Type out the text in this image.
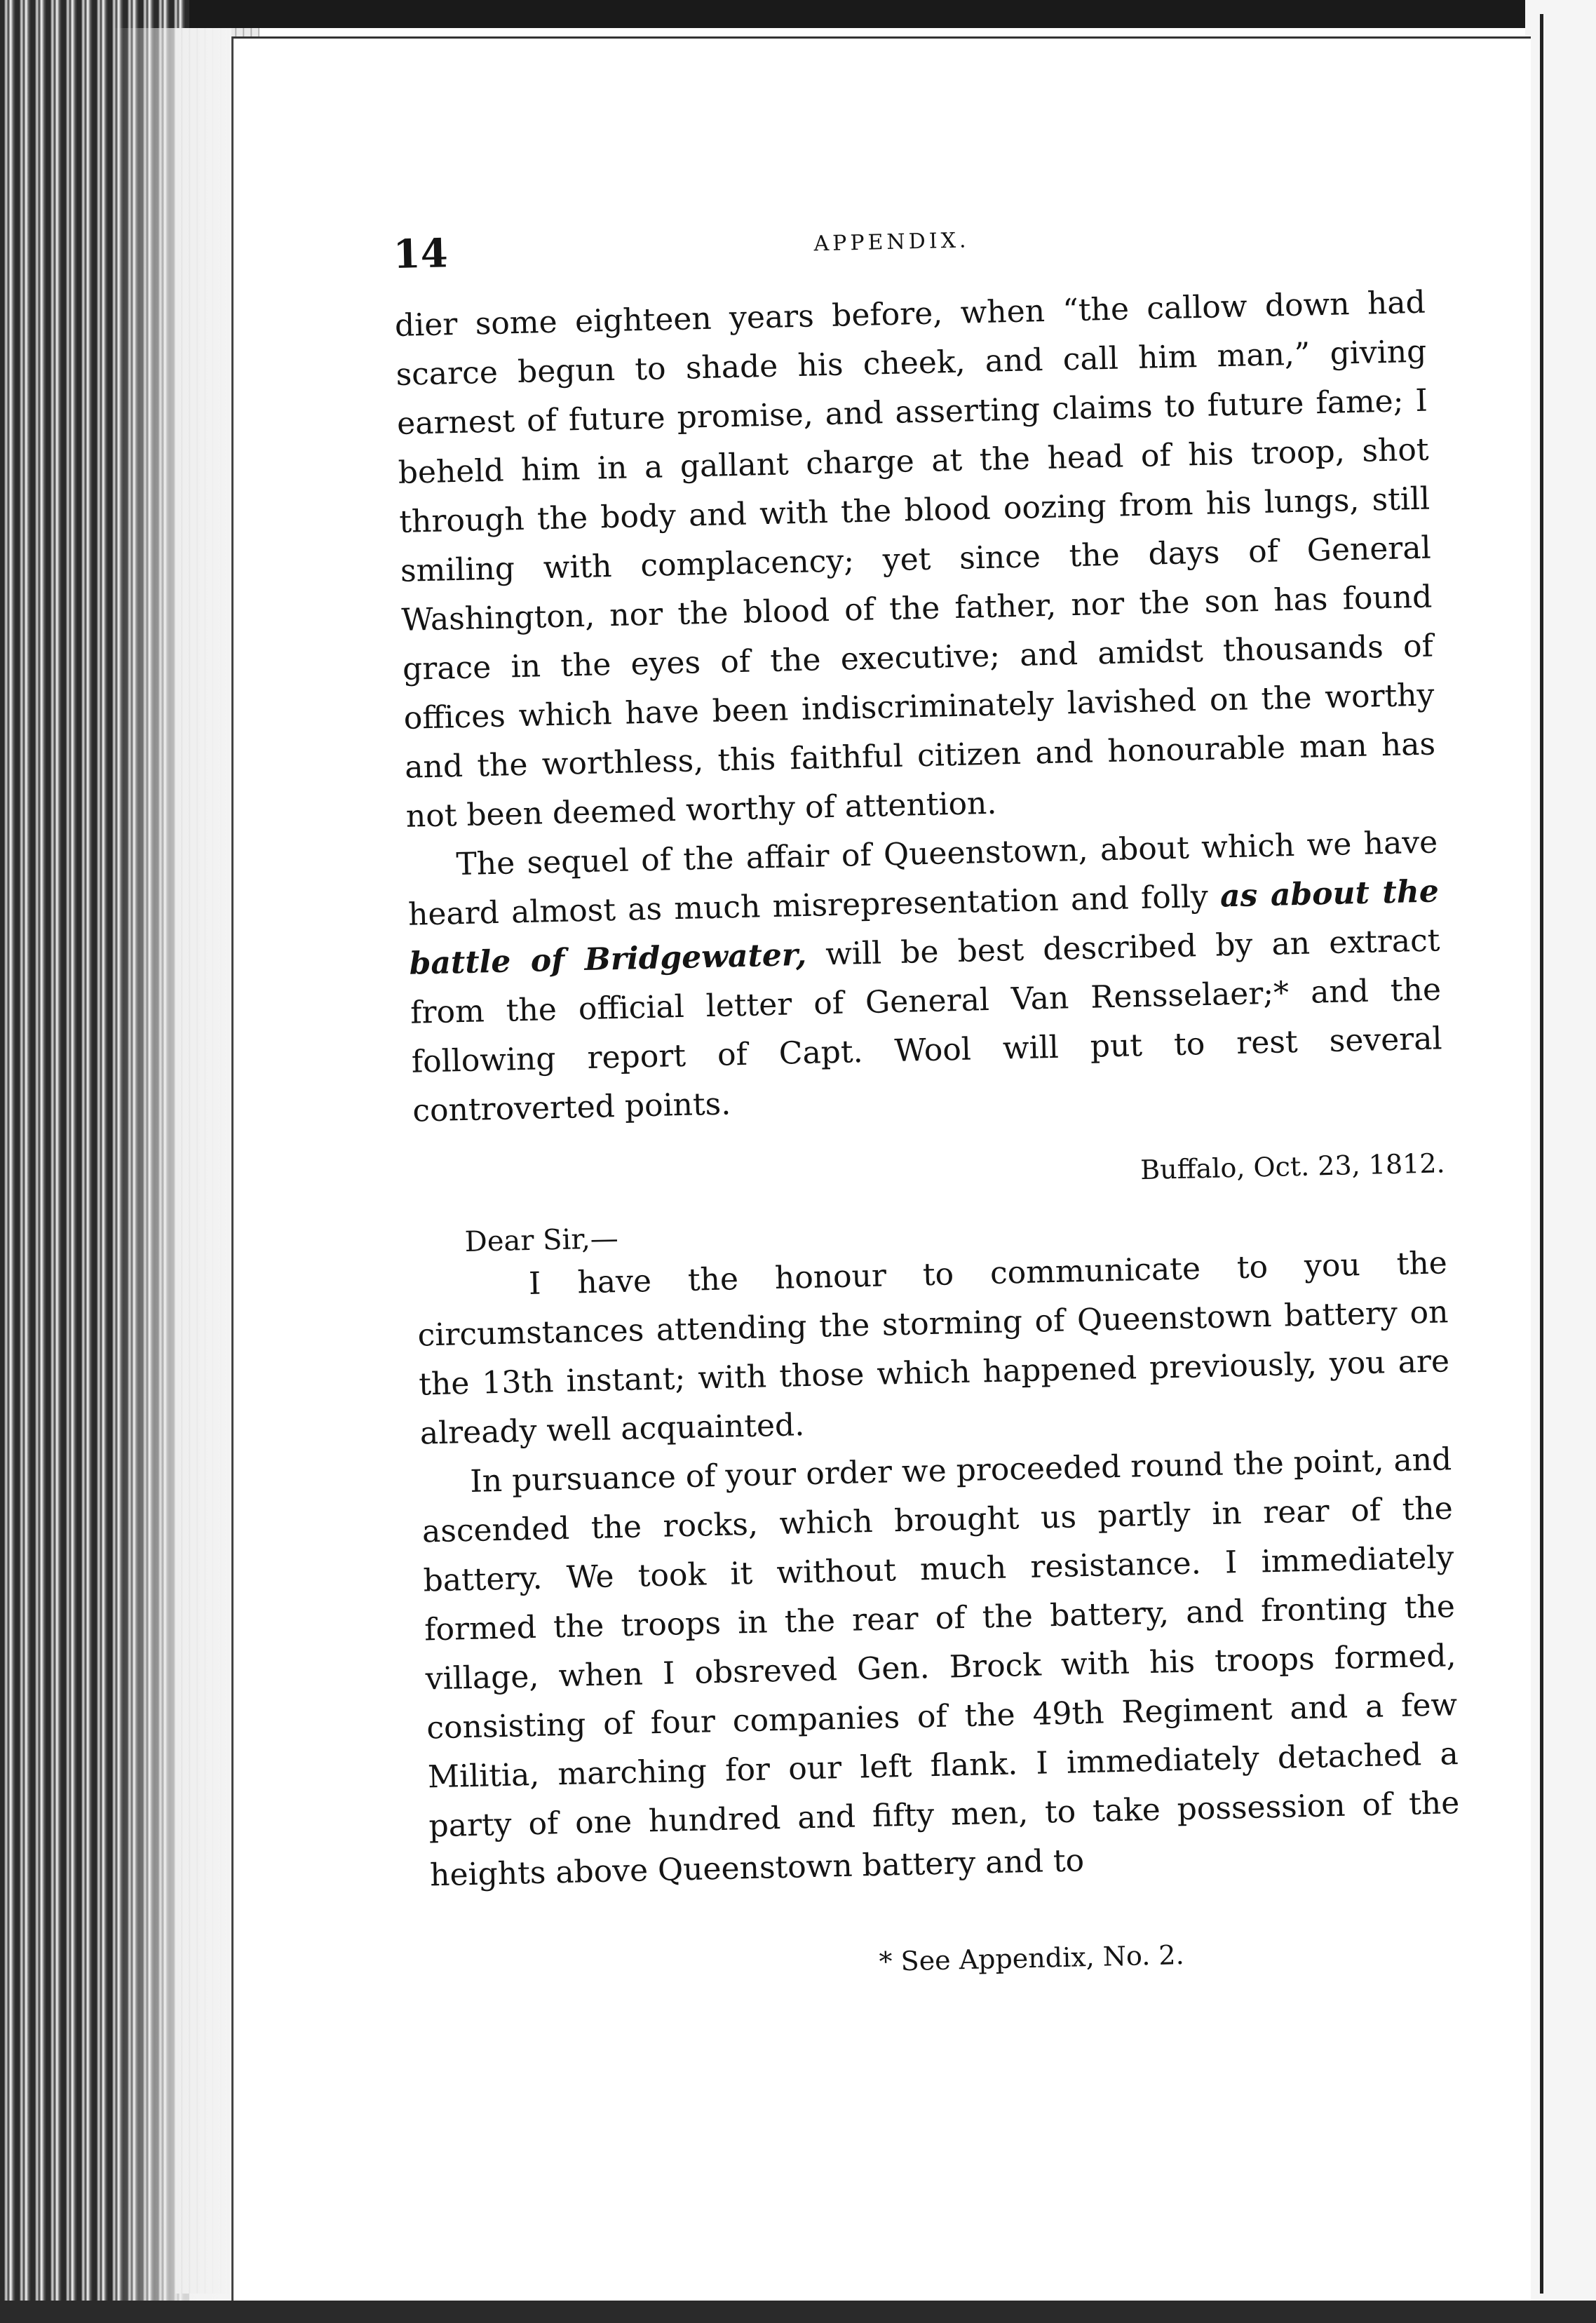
14	APPENDIX.

dier some eighteen years before, when “the callow down had scarce begun to shade his cheek, and call him man,” giving earnest of future promise, and asserting claims to future fame; I beheld him in a gallant charge at the head of his troop, shot through the body and with the blood oozing from his lungs, still smiling with complacency; yet since the days of General Washington, nor the blood of the father, nor the son has found grace in the eyes of the executive; and amidst thousands of offices which have been indiscriminately lavished on the worthy and the worthless, this faithful citizen and honourable man has not been deemed worthy of attention.

The sequel of the affair of Queenstown, about which we have heard almost as much misrepresentation and folly as about the battle of Bridgewater, will be best described by an extract from the official letter of General Van Rensselaer;* and the following report of Capt. Wool will put to rest several controverted points.

Buffalo, Oct. 23, 1812.
Dear Sir,—

I have the honour to communicate to you the circumstances attending the storming of Queenstown battery on the 13th instant; with those which happened previously, you are already well acquainted.

In pursuance of your order we proceeded round the point, and ascended the rocks, which brought us partly in rear of the battery. We took it without much resistance. I immediately formed the troops in the rear of the battery, and fronting the village, when I obsreved Gen. Brock with his troops formed, consisting of four companies of the 49th Regiment and a few Militia, marching for our left flank. I immediately detached a party of one hundred and fifty men, to take possession of the heights above Queenstown battery and to

* See Appendix, No. 2.
